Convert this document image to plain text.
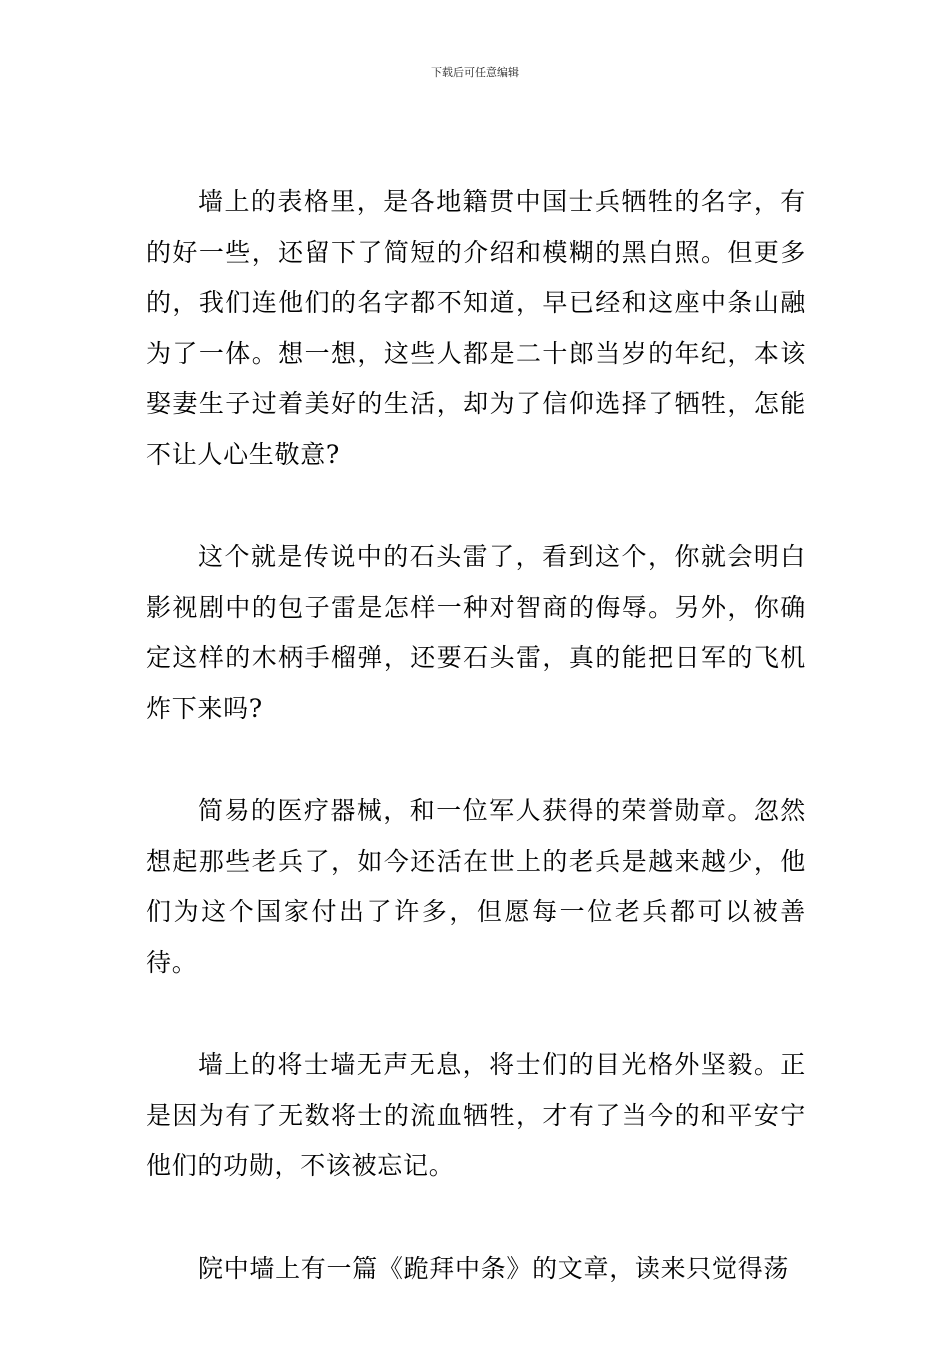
下载后可任意编辑

墙上的表格里，是各地籍贯中国士兵牺牲的名字，有的好一些，还留下了简短的介绍和模糊的黑白照。但更多的，我们连他们的名字都不知道，早已经和这座中条山融为了一体。想一想，这些人都是二十郎当岁的年纪，本该娶妻生子过着美好的生活，却为了信仰选择了牺牲，怎能不让人心生敬意?

这个就是传说中的石头雷了，看到这个，你就会明白影视剧中的包子雷是怎样一种对智商的侮辱。另外，你确定这样的木柄手榴弹，还要石头雷，真的能把日军的飞机炸下来吗?

简易的医疗器械，和一位军人获得的荣誉勋章。忽然想起那些老兵了，如今还活在世上的老兵是越来越少，他们为这个国家付出了许多，但愿每一位老兵都可以被善待。

墙上的将士墙无声无息，将士们的目光格外坚毅。正是因为有了无数将士的流血牺牲，才有了当今的和平安宁他们的功勋，不该被忘记。

院中墙上有一篇《跪拜中条》的文章，读来只觉得荡
